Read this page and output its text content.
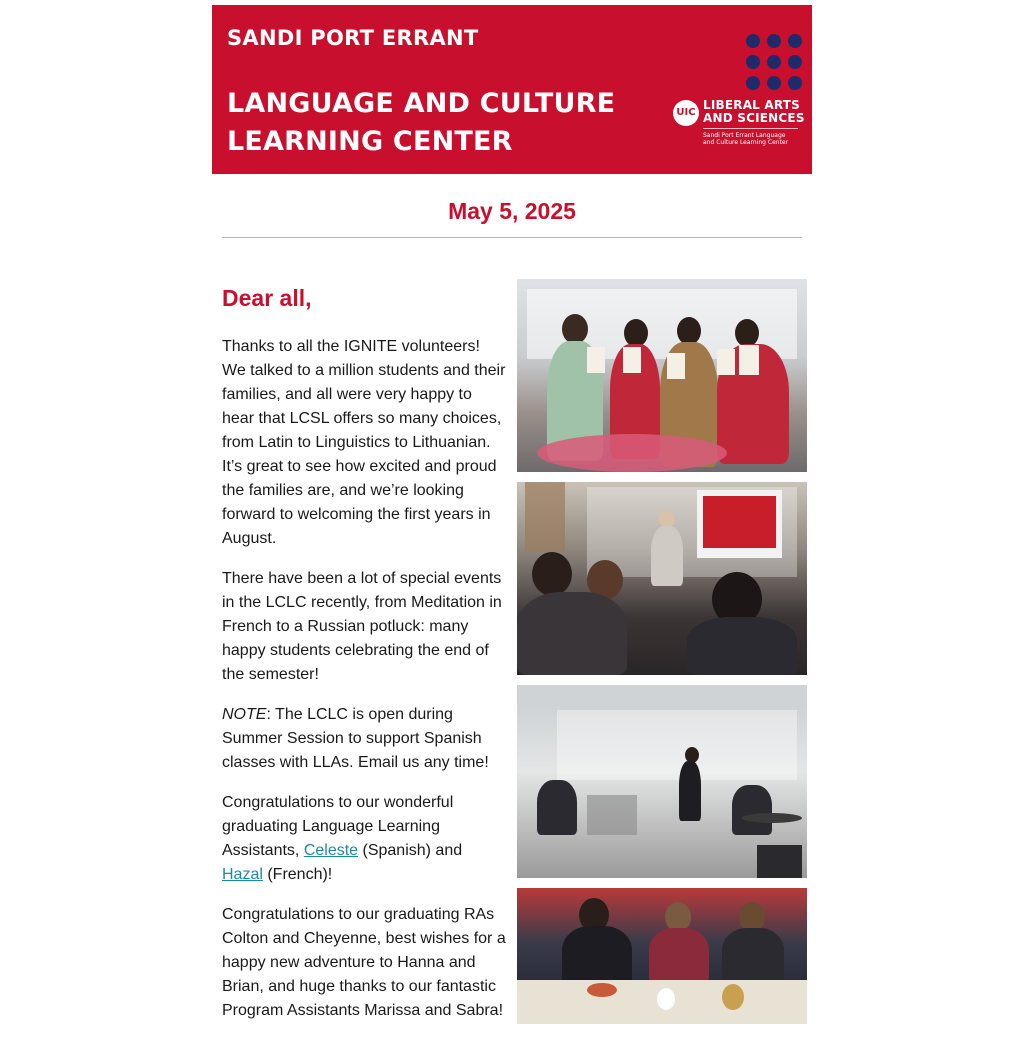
SANDI PORT ERRANT
LANGUAGE AND CULTURE
LEARNING CENTER
UIC
LIBERAL ARTS
AND SCIENCES
Sandi Port Errant Language
and Culture Learning Center
May 5, 2025
Dear all,

Thanks to all the IGNITE volunteers! We talked to a million students and their families, and all were very happy to hear that LCSL offers so many choices, from Latin to Linguistics to Lithuanian. It’s great to see how excited and proud the families are, and we’re looking forward to welcoming the first years in August.

There have been a lot of special events in the LCLC recently, from Meditation in French to a Russian potluck: many happy students celebrating the end of the semester!

NOTE: The LCLC is open during Summer Session to support Spanish classes with LLAs. Email us any time!

Congratulations to our wonderful graduating Language Learning Assistants, Celeste (Spanish) and Hazal (French)!

Congratulations to our graduating RAs Colton and Cheyenne, best wishes for a happy new adventure to Hanna and Brian, and huge thanks to our fantastic Program Assistants Marissa and Sabra!
